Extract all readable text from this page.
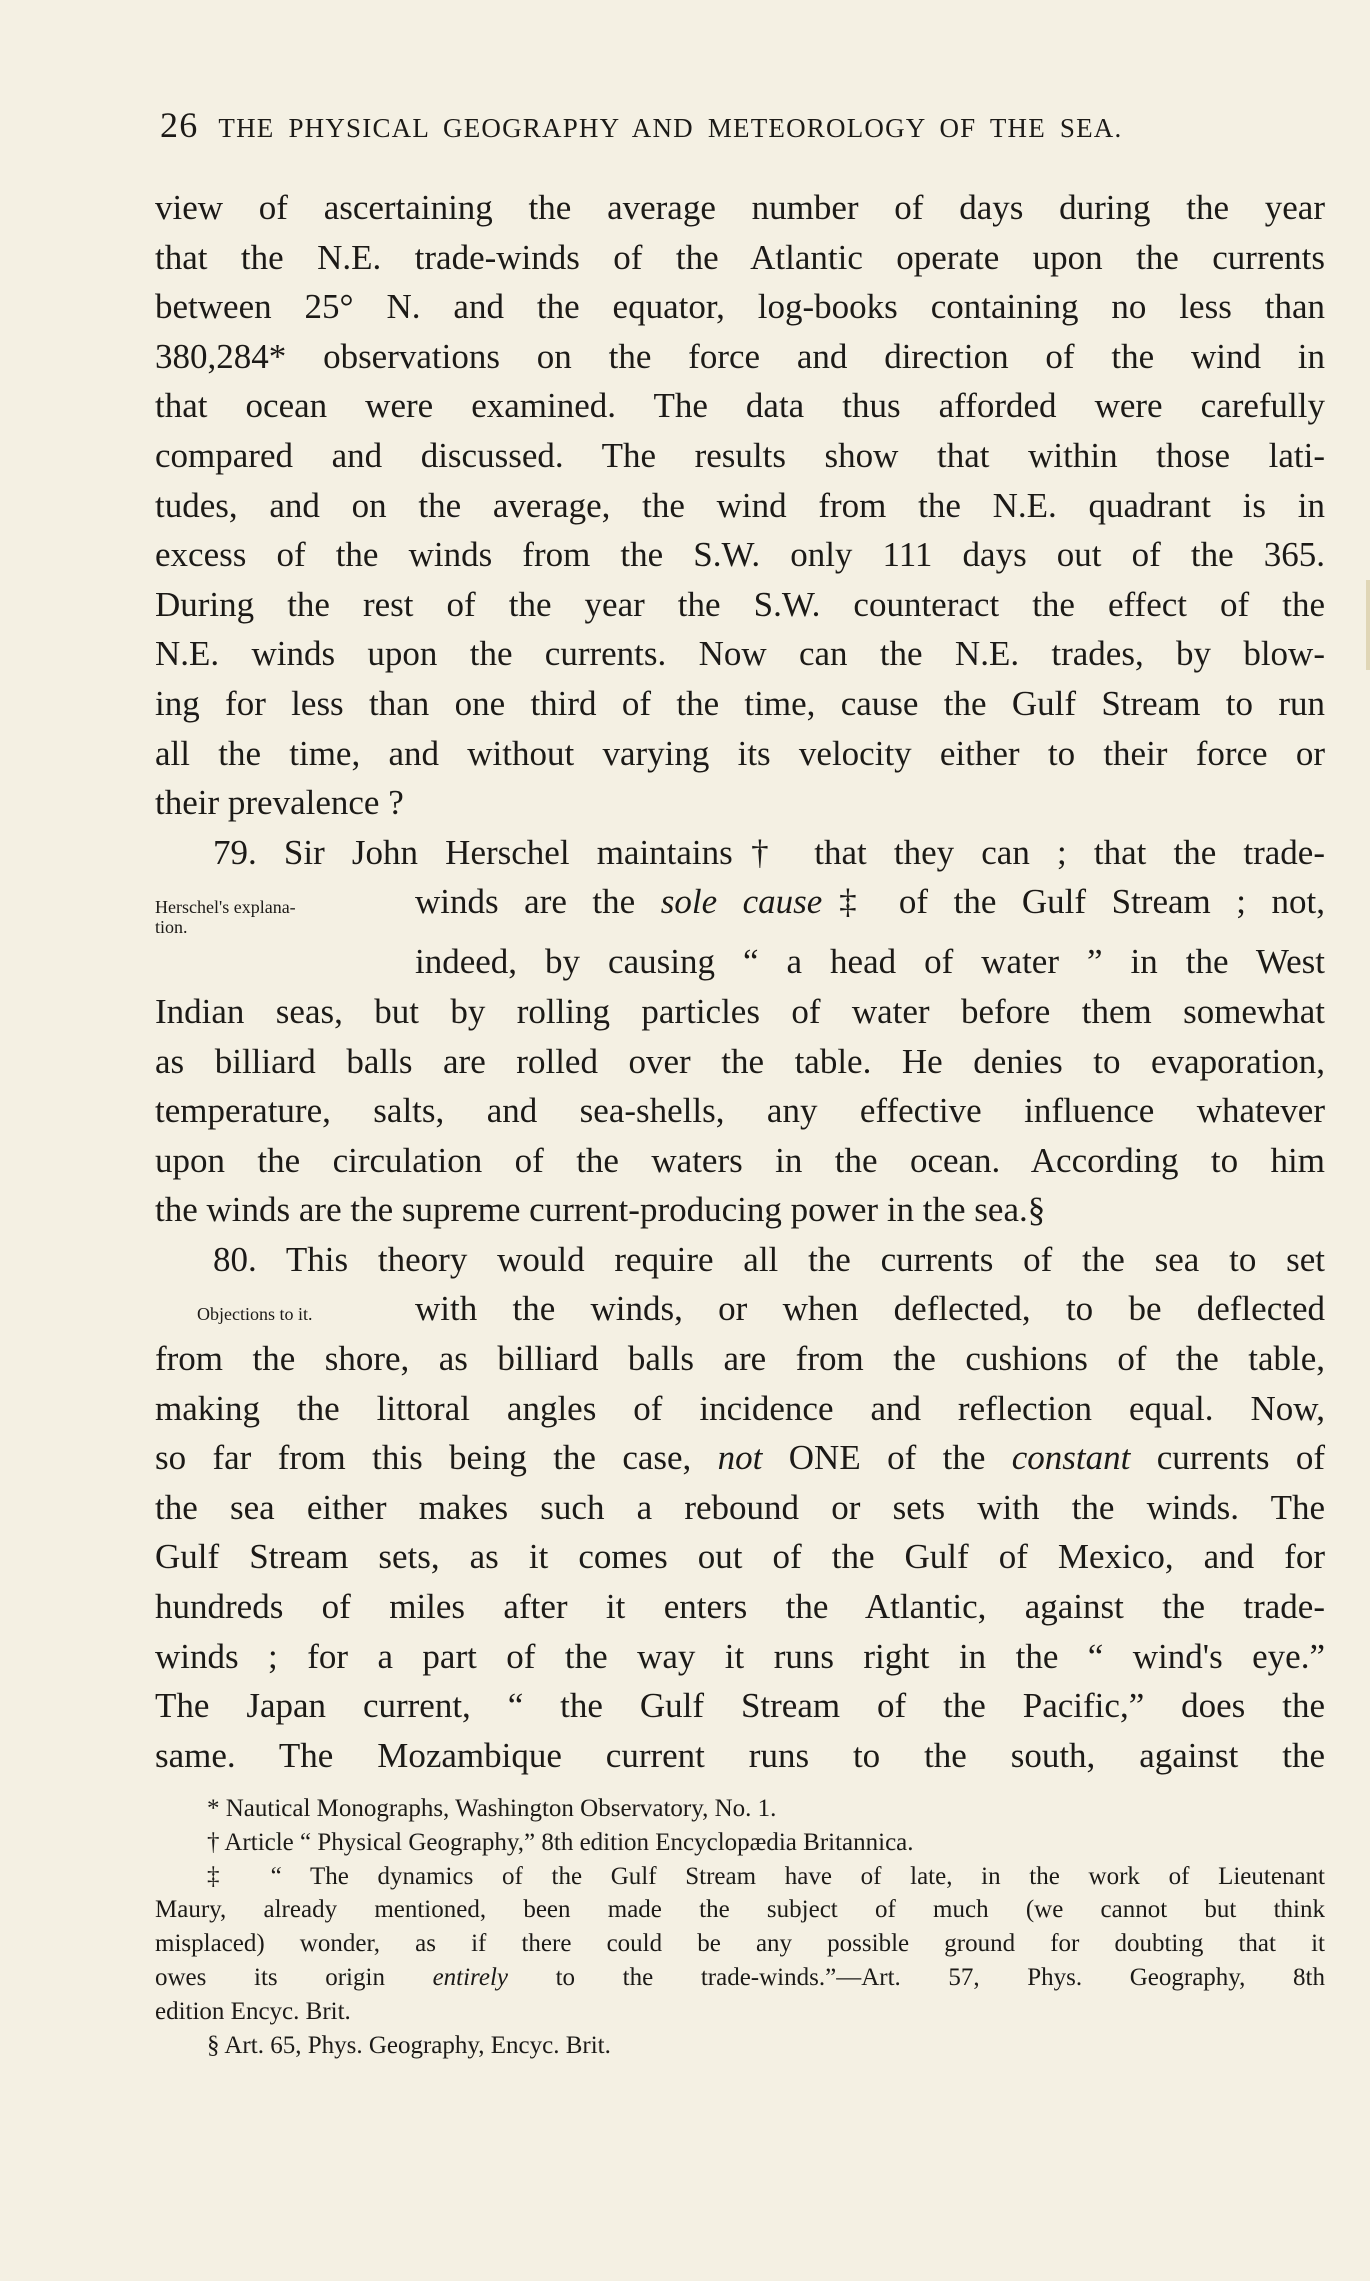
26 THE PHYSICAL GEOGRAPHY AND METEOROLOGY OF THE SEA.
view of ascertaining the average number of days during the year
that the N.E. trade-winds of the Atlantic operate upon the currents
between 25° N. and the equator, log-books containing no less than
380,284* observations on the force and direction of the wind in
that ocean were examined. The data thus afforded were carefully
compared and discussed. The results show that within those lati-
tudes, and on the average, the wind from the N.E. quadrant is in
excess of the winds from the S.W. only 111 days out of the 365.
During the rest of the year the S.W. counteract the effect of the
N.E. winds upon the currents. Now can the N.E. trades, by blow-
ing for less than one third of the time, cause the Gulf Stream to run
all the time, and without varying its velocity either to their force or
their prevalence ?
79. Sir John Herschel maintains† that they can ; that the trade-
Herschel's explana-
tion.
winds are the sole cause‡ of the Gulf Stream ; not,
indeed, by causing “ a head of water ” in the West
Indian seas, but by rolling particles of water before them somewhat
as billiard balls are rolled over the table. He denies to evaporation,
temperature, salts, and sea-shells, any effective influence whatever
upon the circulation of the waters in the ocean. According to him
the winds are the supreme current-producing power in the sea.§
80. This theory would require all the currents of the sea to set
Objections to it.	with the winds, or when deflected, to be deflected
from the shore, as billiard balls are from the cushions of the table,
making the littoral angles of incidence and reflection equal. Now,
so far from this being the case, not ONE of the constant currents of
the sea either makes such a rebound or sets with the winds. The
Gulf Stream sets, as it comes out of the Gulf of Mexico, and for
hundreds of miles after it enters the Atlantic, against the trade-
winds ; for a part of the way it runs right in the “ wind's eye.”
The Japan current, “ the Gulf Stream of the Pacific,” does the
same. The Mozambique current runs to the south, against the
* Nautical Monographs, Washington Observatory, No. 1.
† Article “ Physical Geography,” 8th edition Encyclopædia Britannica.
‡ “ The dynamics of the Gulf Stream have of late, in the work of Lieutenant
Maury, already mentioned, been made the subject of much (we cannot but think
misplaced) wonder, as if there could be any possible ground for doubting that it
owes its origin entirely to the trade-winds.”—Art. 57, Phys. Geography, 8th
edition Encyc. Brit.
§ Art. 65, Phys. Geography, Encyc. Brit.
